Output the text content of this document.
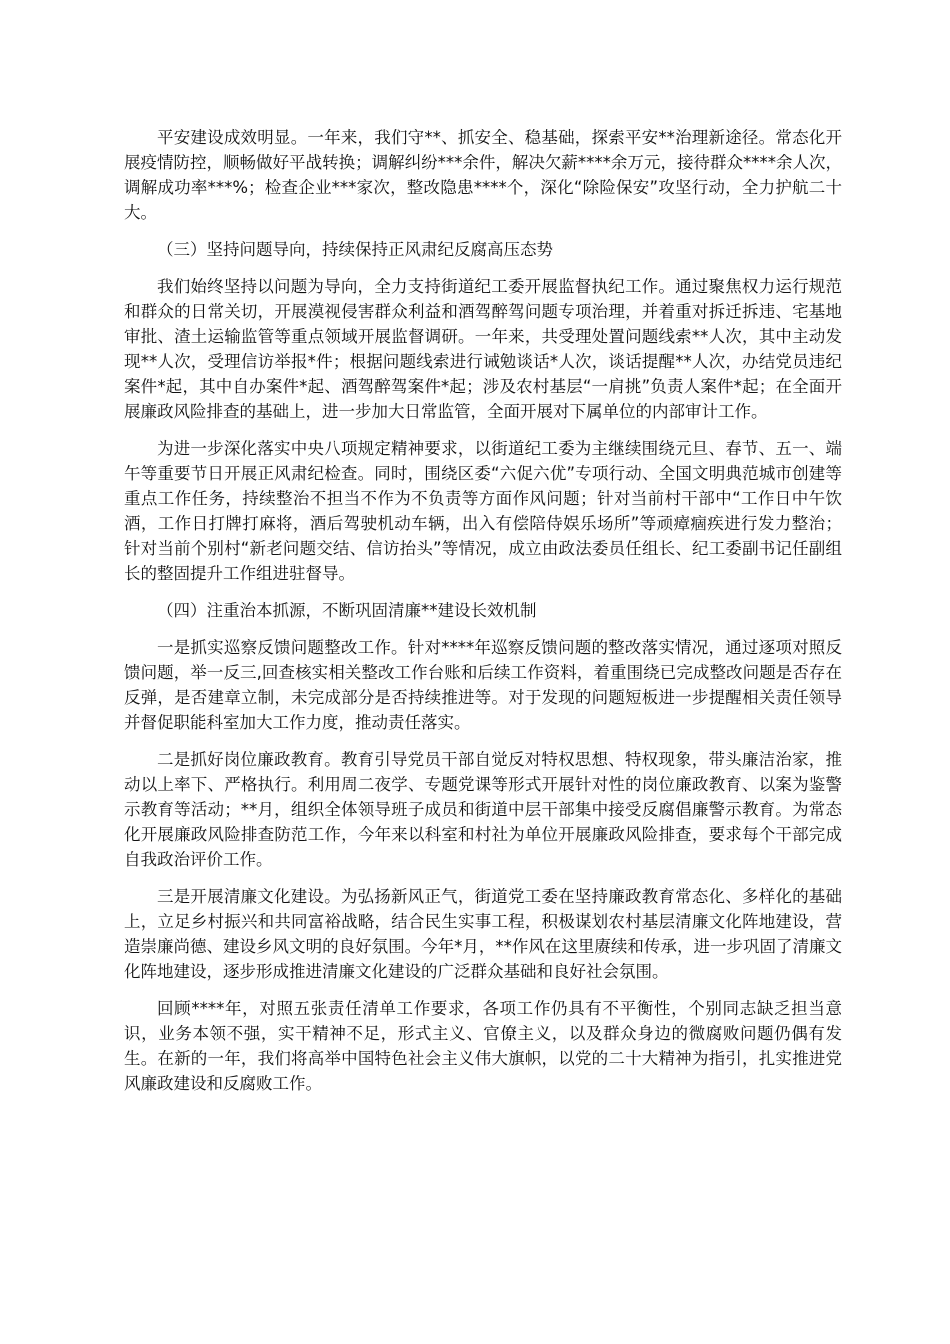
平安建设成效明显。一年来，我们守**、抓安全、稳基础，探索平安**治理新途径。常态化开展疫情防控，顺畅做好平战转换；调解纠纷***余件，解决欠薪****余万元，接待群众****余人次，调解成功率***%；检查企业***家次，整改隐患****个，深化“除险保安”攻坚行动，全力护航二十大。

（三）坚持问题导向，持续保持正风肃纪反腐高压态势

我们始终坚持以问题为导向，全力支持街道纪工委开展监督执纪工作。通过聚焦权力运行规范和群众的日常关切，开展漠视侵害群众利益和酒驾醉驾问题专项治理，并着重对拆迁拆违、宅基地审批、渣土运输监管等重点领域开展监督调研。一年来，共受理处置问题线索**人次，其中主动发现**人次，受理信访举报*件；根据问题线索进行诫勉谈话*人次，谈话提醒**人次，办结党员违纪案件*起，其中自办案件*起、酒驾醉驾案件*起；涉及农村基层“一肩挑”负责人案件*起；在全面开展廉政风险排查的基础上，进一步加大日常监管，全面开展对下属单位的内部审计工作。

为进一步深化落实中央八项规定精神要求，以街道纪工委为主继续围绕元旦、春节、五一、端午等重要节日开展正风肃纪检查。同时，围绕区委“六促六优”专项行动、全国文明典范城市创建等重点工作任务，持续整治不担当不作为不负责等方面作风问题；针对当前村干部中“工作日中午饮酒，工作日打牌打麻将，酒后驾驶机动车辆，出入有偿陪侍娱乐场所”等顽瘴痼疾进行发力整治；针对当前个别村“新老问题交结、信访抬头”等情况，成立由政法委员任组长、纪工委副书记任副组长的整固提升工作组进驻督导。

（四）注重治本抓源，不断巩固清廉**建设长效机制

一是抓实巡察反馈问题整改工作。针对****年巡察反馈问题的整改落实情况，通过逐项对照反馈问题，举一反三,回查核实相关整改工作台账和后续工作资料，着重围绕已完成整改问题是否存在反弹，是否建章立制，未完成部分是否持续推进等。对于发现的问题短板进一步提醒相关责任领导并督促职能科室加大工作力度，推动责任落实。

二是抓好岗位廉政教育。教育引导党员干部自觉反对特权思想、特权现象，带头廉洁治家，推动以上率下、严格执行。利用周二夜学、专题党课等形式开展针对性的岗位廉政教育、以案为鉴警示教育等活动；**月，组织全体领导班子成员和街道中层干部集中接受反腐倡廉警示教育。为常态化开展廉政风险排查防范工作，今年来以科室和村社为单位开展廉政风险排查，要求每个干部完成自我政治评价工作。

三是开展清廉文化建设。为弘扬新风正气，街道党工委在坚持廉政教育常态化、多样化的基础上，立足乡村振兴和共同富裕战略，结合民生实事工程，积极谋划农村基层清廉文化阵地建设，营造崇廉尚德、建设乡风文明的良好氛围。今年*月，**作风在这里赓续和传承，进一步巩固了清廉文化阵地建设，逐步形成推进清廉文化建设的广泛群众基础和良好社会氛围。

回顾****年，对照五张责任清单工作要求，各项工作仍具有不平衡性，个别同志缺乏担当意识，业务本领不强，实干精神不足，形式主义、官僚主义，以及群众身边的微腐败问题仍偶有发生。在新的一年，我们将高举中国特色社会主义伟大旗帜，以党的二十大精神为指引，扎实推进党风廉政建设和反腐败工作。
